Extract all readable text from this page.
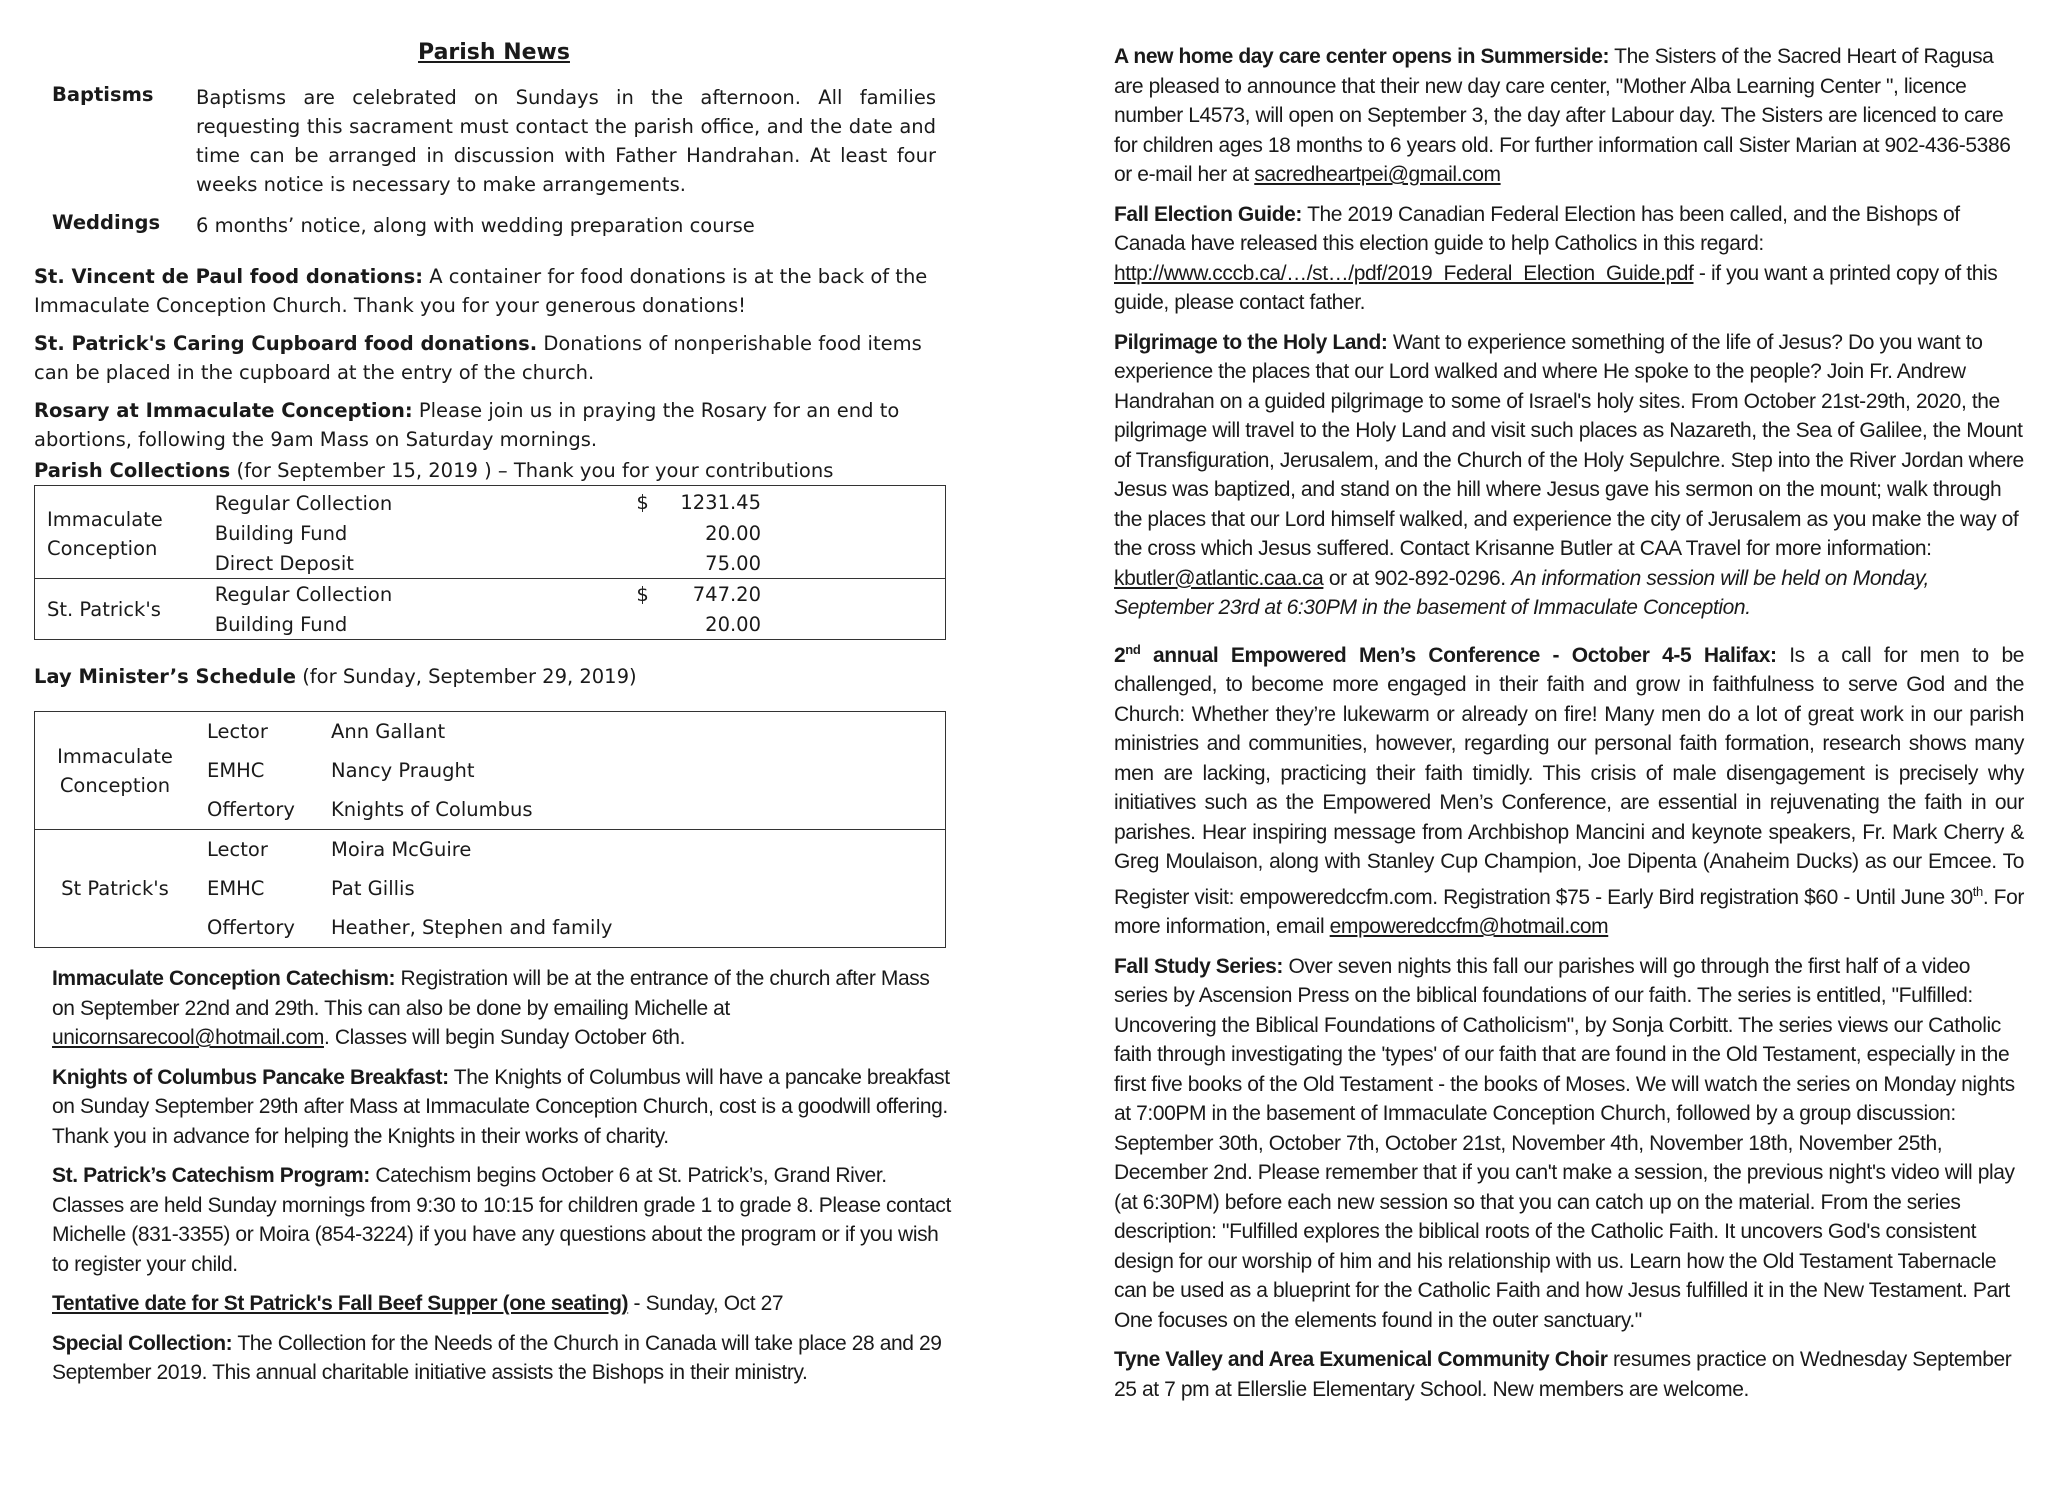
Parish News

Baptisms	Baptisms are celebrated on Sundays in the afternoon. All families requesting this sacrament must contact the parish office, and the date and time can be arranged in discussion with Father Handrahan. At least four weeks notice is necessary to make arrangements.
Weddings	6 months’ notice, along with wedding preparation course

St. Vincent de Paul food donations: A container for food donations is at the back of the Immaculate Conception Church. Thank you for your generous donations!

St. Patrick's Caring Cupboard food donations. Donations of nonperishable food items can be placed in the cupboard at the entry of the church.

Rosary at Immaculate Conception: Please join us in praying the Rosary for an end to abortions, following the 9am Mass on Saturday mornings.

Parish Collections (for September 15, 2019 ) – Thank you for your contributions

Immaculate Conception	Regular Collection	$	1231.45
	Building Fund		20.00
	Direct Deposit		75.00
St. Patrick's	Regular Collection	$	747.20
	Building Fund		20.00

Lay Minister’s Schedule (for Sunday, September 29, 2019)

Immaculate Conception	Lector	Ann Gallant
	EMHC	Nancy Praught
	Offertory	Knights of Columbus
St Patrick's	Lector	Moira McGuire
	EMHC	Pat Gillis
	Offertory	Heather, Stephen and family

Immaculate Conception Catechism: Registration will be at the entrance of the church after Mass on September 22nd and 29th. This can also be done by emailing Michelle at unicornsarecool@hotmail.com. Classes will begin Sunday October 6th.

Knights of Columbus Pancake Breakfast: The Knights of Columbus will have a pancake breakfast on Sunday September 29th after Mass at Immaculate Conception Church, cost is a goodwill offering. Thank you in advance for helping the Knights in their works of charity.

St. Patrick’s Catechism Program: Catechism begins October 6 at St. Patrick’s, Grand River. Classes are held Sunday mornings from 9:30 to 10:15 for children grade 1 to grade 8. Please contact Michelle (831-3355) or Moira (854-3224) if you have any questions about the program or if you wish to register your child.

Tentative date for St Patrick's Fall Beef Supper (one seating) - Sunday, Oct 27

Special Collection: The Collection for the Needs of the Church in Canada will take place 28 and 29 September 2019. This annual charitable initiative assists the Bishops in their ministry.

A new home day care center opens in Summerside: The Sisters of the Sacred Heart of Ragusa are pleased to announce that their new day care center, "Mother Alba Learning Center ", licence number L4573, will open on September 3, the day after Labour day. The Sisters are licenced to care for children ages 18 months to 6 years old. For further information call Sister Marian at 902-436-5386 or e-mail her at sacredheartpei@gmail.com

Fall Election Guide: The 2019 Canadian Federal Election has been called, and the Bishops of Canada have released this election guide to help Catholics in this regard: http://www.cccb.ca/…/st…/pdf/2019_Federal_Election_Guide.pdf - if you want a printed copy of this guide, please contact father.

Pilgrimage to the Holy Land: Want to experience something of the life of Jesus? Do you want to experience the places that our Lord walked and where He spoke to the people? Join Fr. Andrew Handrahan on a guided pilgrimage to some of Israel's holy sites. From October 21st-29th, 2020, the pilgrimage will travel to the Holy Land and visit such places as Nazareth, the Sea of Galilee, the Mount of Transfiguration, Jerusalem, and the Church of the Holy Sepulchre. Step into the River Jordan where Jesus was baptized, and stand on the hill where Jesus gave his sermon on the mount; walk through the places that our Lord himself walked, and experience the city of Jerusalem as you make the way of the cross which Jesus suffered. Contact Krisanne Butler at CAA Travel for more information: kbutler@atlantic.caa.ca or at 902-892-0296. An information session will be held on Monday, September 23rd at 6:30PM in the basement of Immaculate Conception.

2nd annual Empowered Men’s Conference - October 4-5 Halifax: Is a call for men to be challenged, to become more engaged in their faith and grow in faithfulness to serve God and the Church: Whether they’re lukewarm or already on fire! Many men do a lot of great work in our parish ministries and communities, however, regarding our personal faith formation, research shows many men are lacking, practicing their faith timidly. This crisis of male disengagement is precisely why initiatives such as the Empowered Men’s Conference, are essential in rejuvenating the faith in our parishes. Hear inspiring message from Archbishop Mancini and keynote speakers, Fr. Mark Cherry & Greg Moulaison, along with Stanley Cup Champion, Joe Dipenta (Anaheim Ducks) as our Emcee. To Register visit: empoweredccfm.com. Registration $75 - Early Bird registration $60 - Until June 30th. For more information, email empoweredccfm@hotmail.com

Fall Study Series: Over seven nights this fall our parishes will go through the first half of a video series by Ascension Press on the biblical foundations of our faith. The series is entitled, "Fulfilled: Uncovering the Biblical Foundations of Catholicism", by Sonja Corbitt. The series views our Catholic faith through investigating the 'types' of our faith that are found in the Old Testament, especially in the first five books of the Old Testament - the books of Moses. We will watch the series on Monday nights at 7:00PM in the basement of Immaculate Conception Church, followed by a group discussion: September 30th, October 7th, October 21st, November 4th, November 18th, November 25th, December 2nd. Please remember that if you can't make a session, the previous night's video will play (at 6:30PM) before each new session so that you can catch up on the material. From the series description: "Fulfilled explores the biblical roots of the Catholic Faith. It uncovers God's consistent design for our worship of him and his relationship with us. Learn how the Old Testament Tabernacle can be used as a blueprint for the Catholic Faith and how Jesus fulfilled it in the New Testament. Part One focuses on the elements found in the outer sanctuary."

Tyne Valley and Area Exumenical Community Choir resumes practice on Wednesday September 25 at 7 pm at Ellerslie Elementary School. New members are welcome.
